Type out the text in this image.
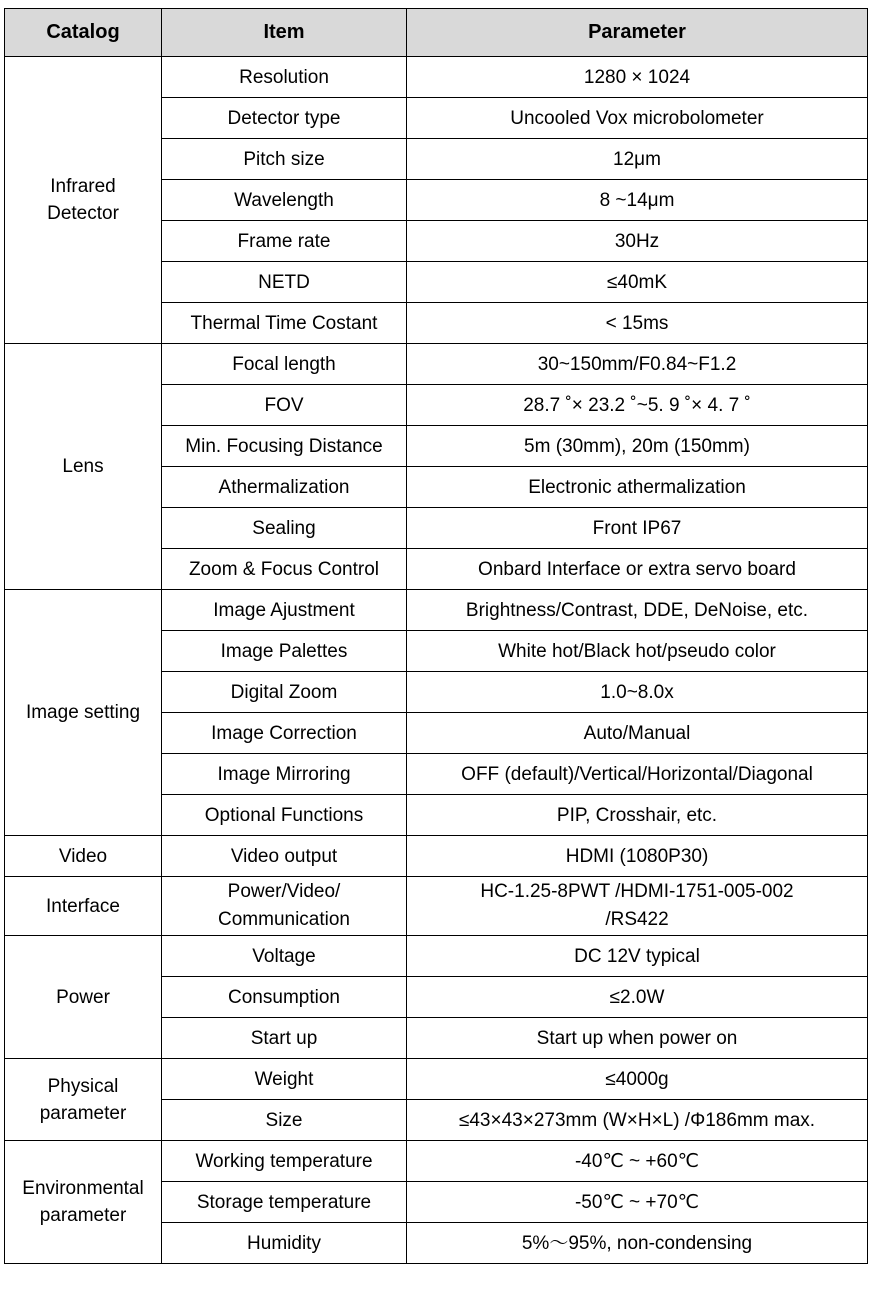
Catalog	Item	Parameter
Infrared Detector	Resolution	1280 × 1024
	Detector type	Uncooled Vox microbolometer
	Pitch size	12μm
	Wavelength	8 ~14μm
	Frame rate	30Hz
	NETD	≤40mK
	Thermal Time Costant	< 15ms
Lens	Focal length	30~150mm/F0.84~F1.2
	FOV	28.7 ˚× 23.2 ˚~5. 9 ˚× 4. 7 ˚
	Min. Focusing Distance	5m (30mm), 20m (150mm)
	Athermalization	Electronic athermalization
	Sealing	Front IP67
	Zoom & Focus Control	Onbard Interface or extra servo board
Image setting	Image Ajustment	Brightness/Contrast, DDE, DeNoise, etc.
	Image Palettes	White hot/Black hot/pseudo color
	Digital Zoom	1.0~8.0x
	Image Correction	Auto/Manual
	Image Mirroring	OFF (default)/Vertical/Horizontal/Diagonal
	Optional Functions	PIP, Crosshair, etc.
Video	Video output	HDMI (1080P30)
Interface	Power/Video/ Communication	HC-1.25-8PWT /HDMI-1751-005-002 /RS422
Power	Voltage	DC 12V typical
	Consumption	≤2.0W
	Start up	Start up when power on
Physical parameter	Weight	≤4000g
	Size	≤43×43×273mm (W×H×L) /Φ186mm max.
Environmental parameter	Working temperature	-40℃ ~ +60℃
	Storage temperature	-50℃ ~ +70℃
	Humidity	5%～95%, non-condensing
